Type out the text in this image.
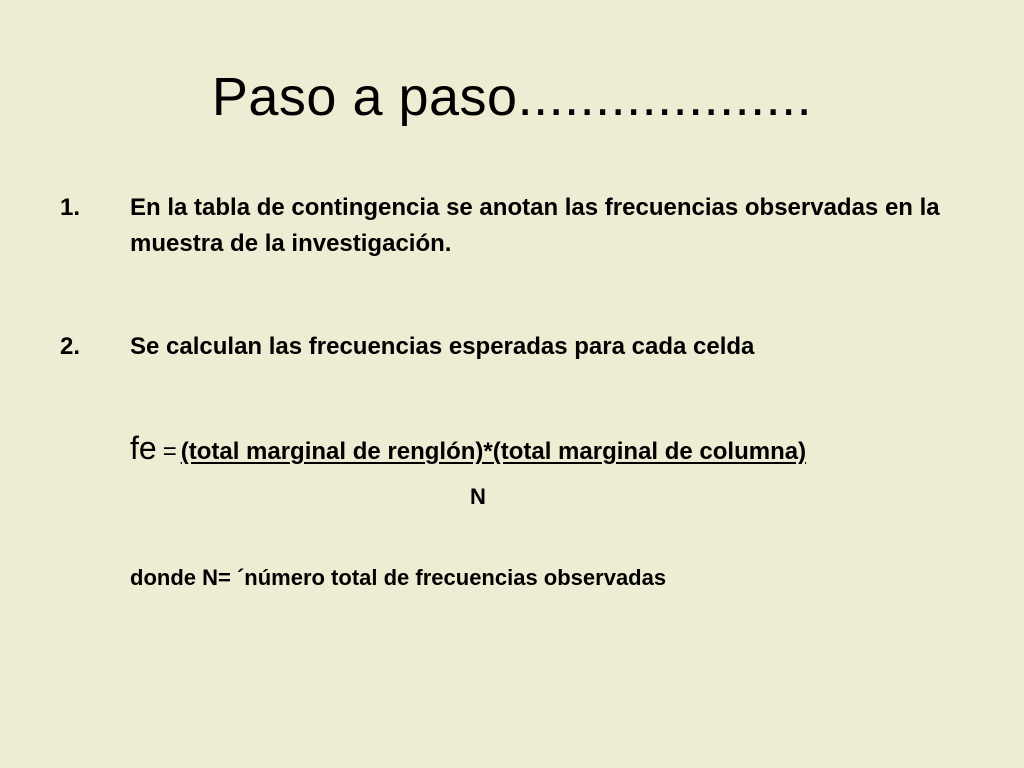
Paso a paso...................
1. En la tabla de contingencia se anotan las frecuencias observadas en la muestra de la investigación.
2. Se calculan las frecuencias esperadas para cada celda
fe = (total marginal de renglón)*(total marginal de columna)
N
donde N= ´número total de frecuencias observadas
